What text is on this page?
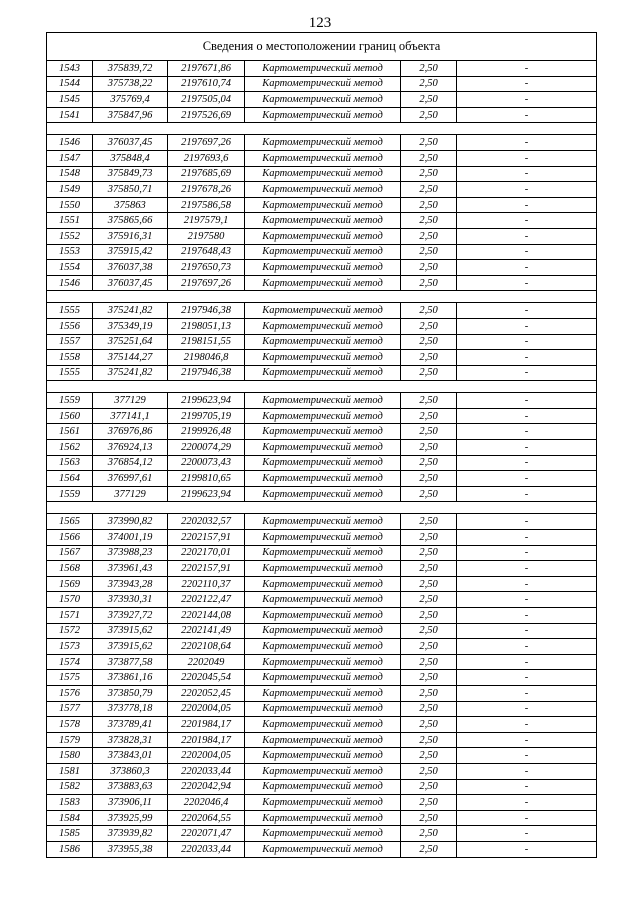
123
Сведения о местоположении границ объекта					
1543	375839,72	2197671,86	Картометрический метод	2,50	-
1544	375738,22	2197610,74	Картометрический метод	2,50	-
1545	375769,4	2197505,04	Картометрический метод	2,50	-
1541	375847,96	2197526,69	Картометрический метод	2,50	-

1546	376037,45	2197697,26	Картометрический метод	2,50	-
1547	375848,4	2197693,6	Картометрический метод	2,50	-
1548	375849,73	2197685,69	Картометрический метод	2,50	-
1549	375850,71	2197678,26	Картометрический метод	2,50	-
1550	375863	2197586,58	Картометрический метод	2,50	-
1551	375865,66	2197579,1	Картометрический метод	2,50	-
1552	375916,31	2197580	Картометрический метод	2,50	-
1553	375915,42	2197648,43	Картометрический метод	2,50	-
1554	376037,38	2197650,73	Картометрический метод	2,50	-
1546	376037,45	2197697,26	Картометрический метод	2,50	-

1555	375241,82	2197946,38	Картометрический метод	2,50	-
1556	375349,19	2198051,13	Картометрический метод	2,50	-
1557	375251,64	2198151,55	Картометрический метод	2,50	-
1558	375144,27	2198046,8	Картометрический метод	2,50	-
1555	375241,82	2197946,38	Картометрический метод	2,50	-

1559	377129	2199623,94	Картометрический метод	2,50	-
1560	377141,1	2199705,19	Картометрический метод	2,50	-
1561	376976,86	2199926,48	Картометрический метод	2,50	-
1562	376924,13	2200074,29	Картометрический метод	2,50	-
1563	376854,12	2200073,43	Картометрический метод	2,50	-
1564	376997,61	2199810,65	Картометрический метод	2,50	-
1559	377129	2199623,94	Картометрический метод	2,50	-

1565	373990,82	2202032,57	Картометрический метод	2,50	-
1566	374001,19	2202157,91	Картометрический метод	2,50	-
1567	373988,23	2202170,01	Картометрический метод	2,50	-
1568	373961,43	2202157,91	Картометрический метод	2,50	-
1569	373943,28	2202110,37	Картометрический метод	2,50	-
1570	373930,31	2202122,47	Картометрический метод	2,50	-
1571	373927,72	2202144,08	Картометрический метод	2,50	-
1572	373915,62	2202141,49	Картометрический метод	2,50	-
1573	373915,62	2202108,64	Картометрический метод	2,50	-
1574	373877,58	2202049	Картометрический метод	2,50	-
1575	373861,16	2202045,54	Картометрический метод	2,50	-
1576	373850,79	2202052,45	Картометрический метод	2,50	-
1577	373778,18	2202004,05	Картометрический метод	2,50	-
1578	373789,41	2201984,17	Картометрический метод	2,50	-
1579	373828,31	2201984,17	Картометрический метод	2,50	-
1580	373843,01	2202004,05	Картометрический метод	2,50	-
1581	373860,3	2202033,44	Картометрический метод	2,50	-
1582	373883,63	2202042,94	Картометрический метод	2,50	-
1583	373906,11	2202046,4	Картометрический метод	2,50	-
1584	373925,99	2202064,55	Картометрический метод	2,50	-
1585	373939,82	2202071,47	Картометрический метод	2,50	-
1586	373955,38	2202033,44	Картометрический метод	2,50	-
